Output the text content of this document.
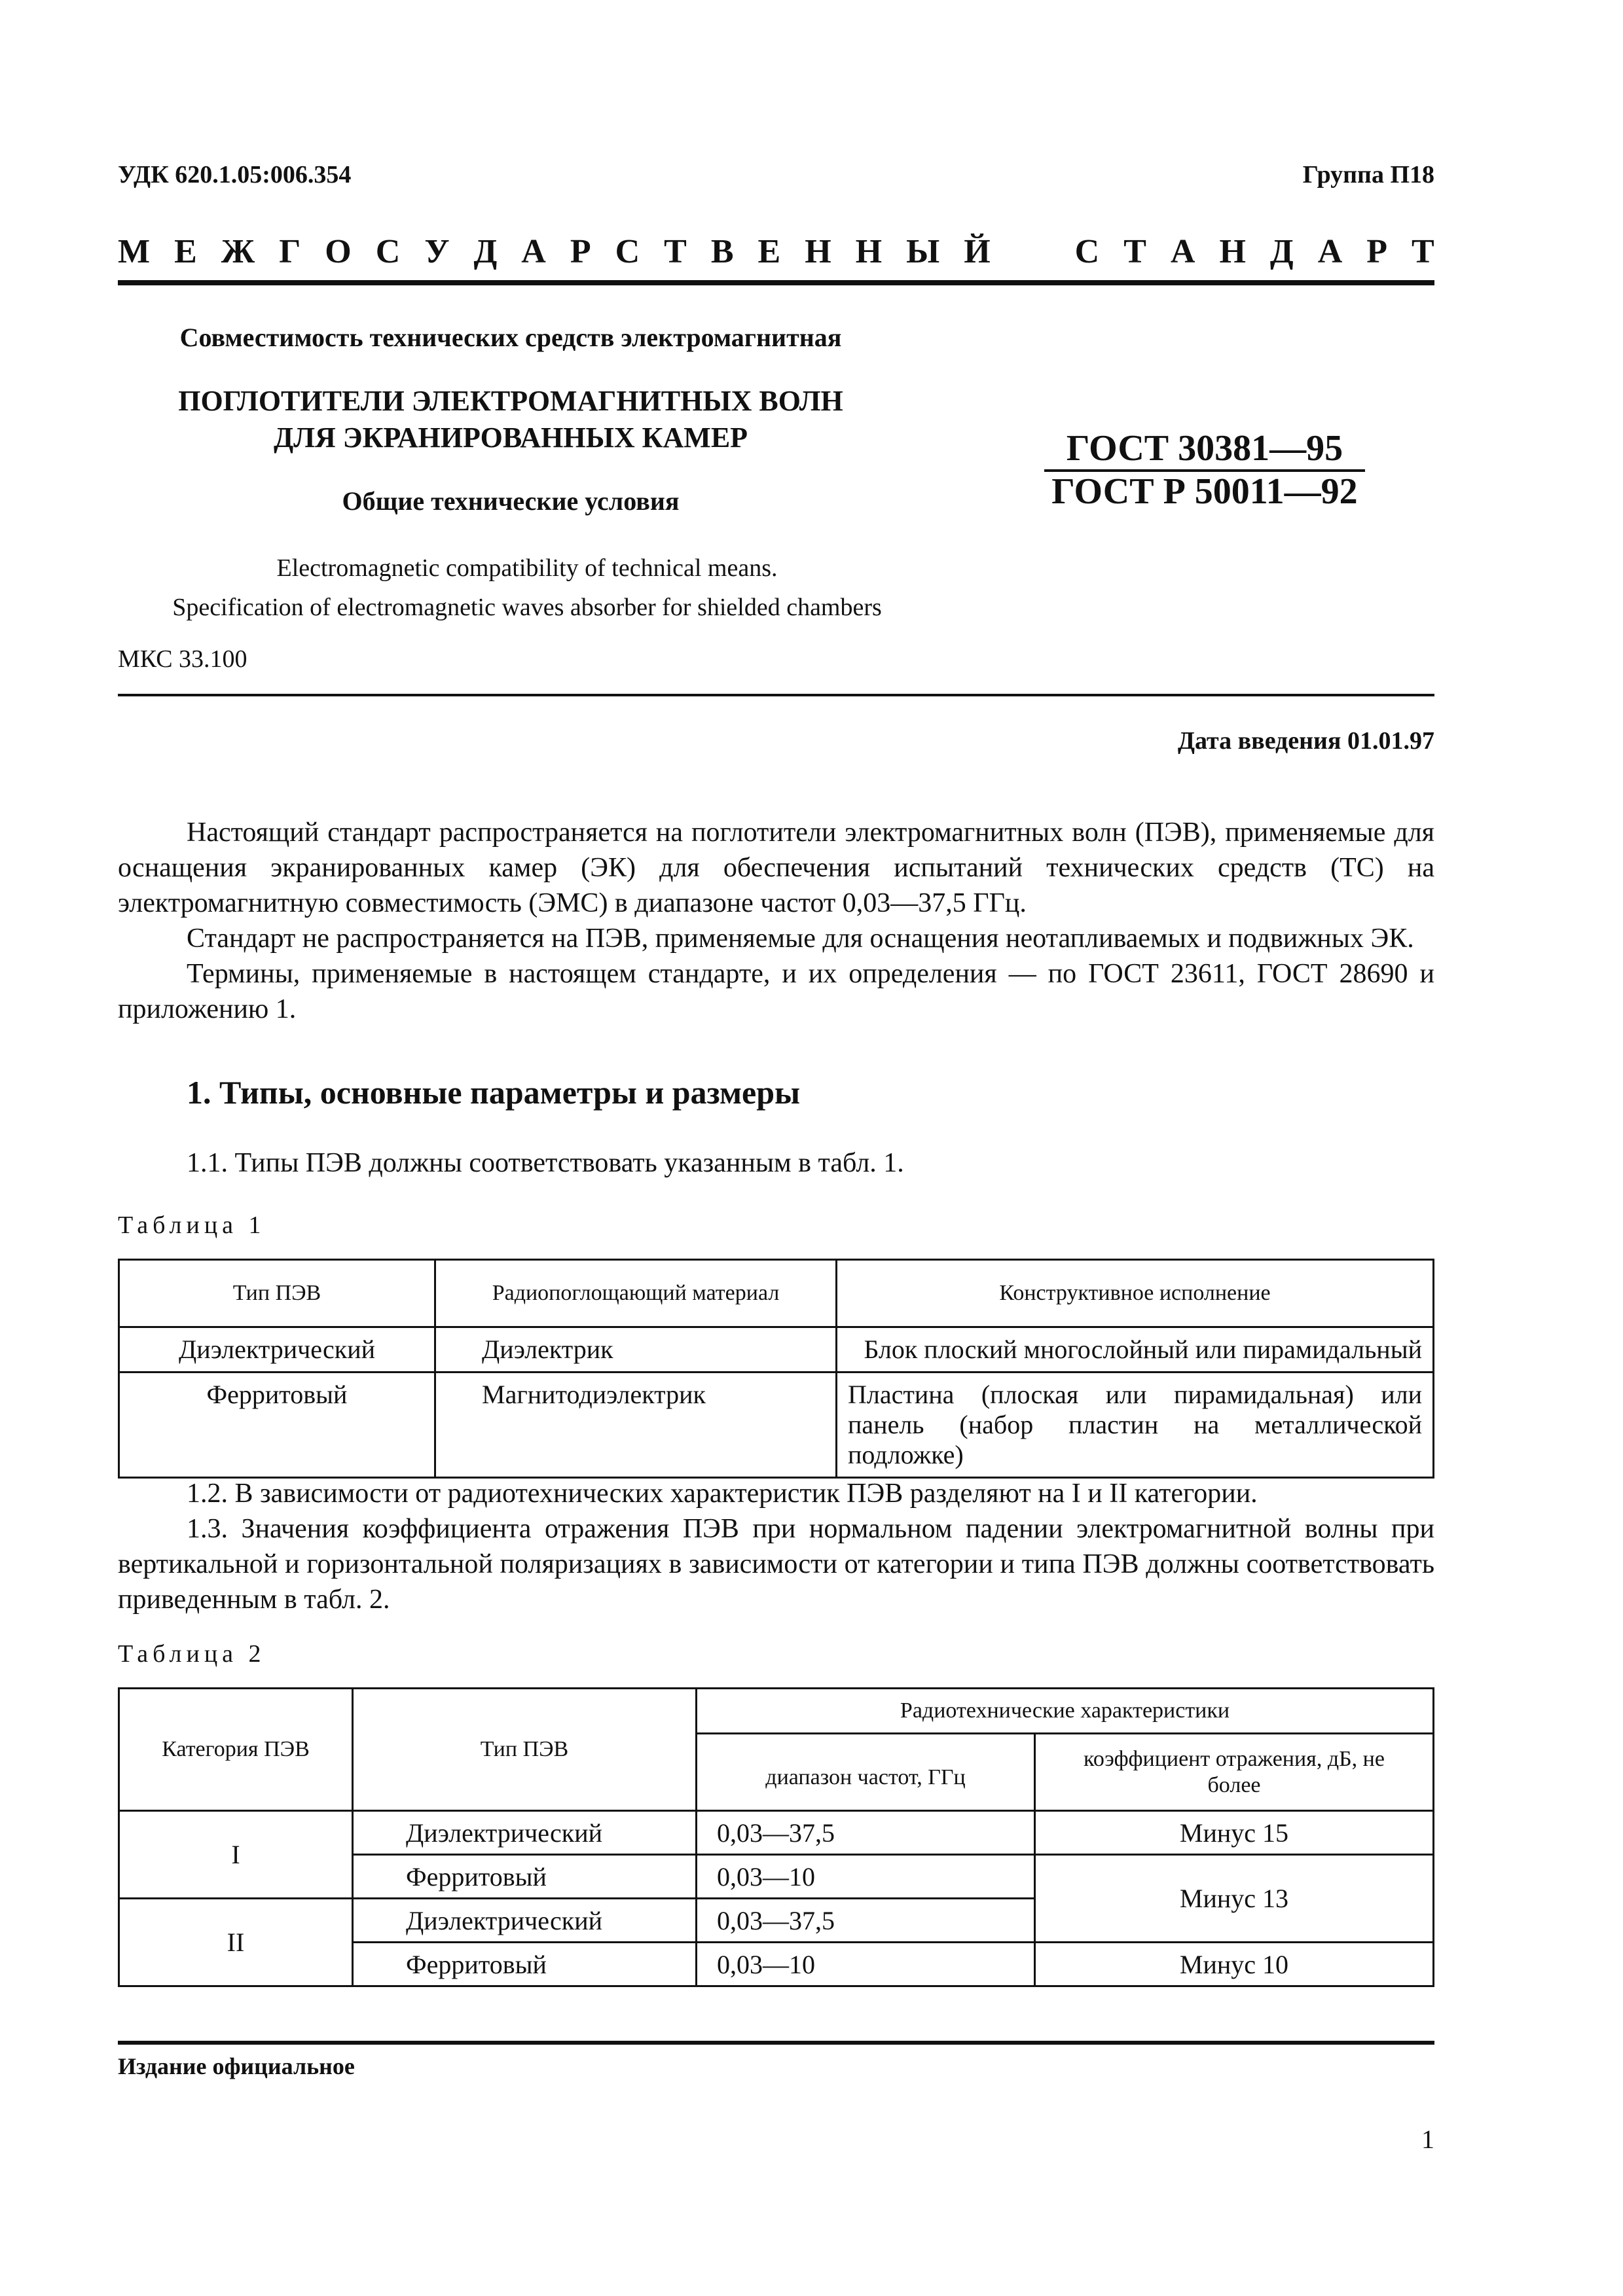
УДК 620.1.05:006.354	Группа П18
М Е Ж Г О С У Д А Р С Т В Е Н Н Ы Й С Т А Н Д А Р Т
Совместимость технических средств электромагнитная
ПОГЛОТИТЕЛИ ЭЛЕКТРОМАГНИТНЫХ ВОЛН
ДЛЯ ЭКРАНИРОВАННЫХ КАМЕР
Общие технические условия
Electromagnetic compatibility of technical means.
Specification of electromagnetic waves absorber for shielded chambers
ГОСТ 30381—95
ГОСТ Р 50011—92
МКС 33.100
Дата введения 01.01.97

Настоящий стандарт распространяется на поглотители электромагнитных волн (ПЭВ), применяемые для оснащения экранированных камер (ЭК) для обеспечения испытаний технических средств (ТС) на электромагнитную совместимость (ЭМС) в диапазоне частот 0,03—37,5 ГГц.

Стандарт не распространяется на ПЭВ, применяемые для оснащения неотапливаемых и подвижных ЭК.

Термины, применяемые в настоящем стандарте, и их определения — по ГОСТ 23611, ГОСТ 28690 и приложению 1.

1. Типы, основные параметры и размеры

1.1. Типы ПЭВ должны соответствовать указанным в табл. 1.

Таблица 1
Тип ПЭВ	Радиопоглощающий материал	Конструктивное исполнение
Диэлектрический	Диэлектрик	Блок плоский многослойный или пирамидальный
Ферритовый	Магнитодиэлектрик	Пластина (плоская или пирамидальная) или панель (набор пластин на металлической подложке)

1.2. В зависимости от радиотехнических характеристик ПЭВ разделяют на I и II категории.

1.3. Значения коэффициента отражения ПЭВ при нормальном падении электромагнитной волны при вертикальной и горизонтальной поляризациях в зависимости от категории и типа ПЭВ должны соответствовать приведенным в табл. 2.

Таблица 2
Категория ПЭВ	Тип ПЭВ	Радиотехнические характеристики	
		диапазон частот, ГГц	коэффициент отражения, дБ, не более
I	Диэлектрический	0,03—37,5	Минус 15
	Ферритовый	0,03—10	Минус 13
II	Диэлектрический	0,03—37,5	
	Ферритовый	0,03—10	Минус 10
Издание официальное
1
